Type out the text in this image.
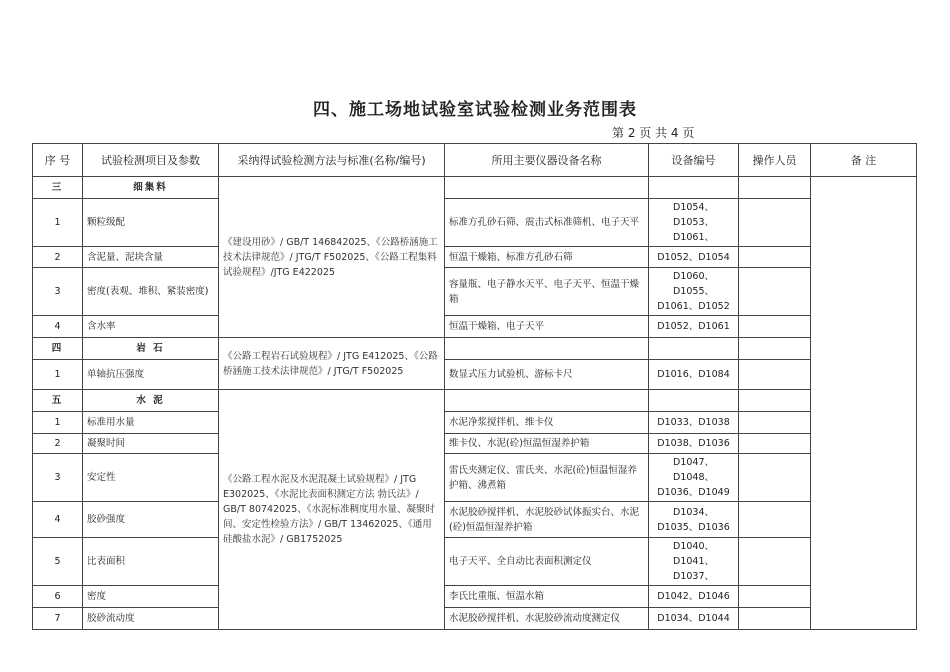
四、施工场地试验室试验检测业务范围表
第 2 页 共 4 页
序 号	试验检测项目及参数	采纳得试验检测方法与标准(名称/编号)	所用主要仪器设备名称	设备编号	操作人员	备 注
三	细集料	《建设用砂》/ GB/T 146842025、《公路桥涵施工技术法律规范》/ JTG/T F502025、《公路工程集料试验规程》/JTG E422025				
1	颗粒级配		标准方孔砂石筛、震击式标准筛机、电子天平	D1054、D1053、D1061、		
2	含泥量、泥块含量		恒温干燥箱、标准方孔砂石筛	D1052、D1054		
3	密度(表观、堆积、紧装密度)		容量瓶、电子静水天平、电子天平、恒温干燥箱	D1060、D1055、D1061、D1052		
4	含水率		恒温干燥箱、电子天平	D1052、D1061		
四	岩 石	《公路工程岩石试验规程》/ JTG E412025、《公路桥涵施工技术法律规范》/ JTG/T F502025				
1	单轴抗压强度		数显式压力试验机、游标卡尺	D1016、D1084		
五	水 泥	《公路工程水泥及水泥混凝土试验规程》/ JTG E302025、《水泥比表面积测定方法 勃氏法》/ GB/T 80742025、《水泥标准稠度用水量、凝聚时间、安定性检验方法》/ GB/T 13462025、《通用硅酸盐水泥》/ GB1752025				
1	标准用水量		水泥净浆搅拌机、维卡仪	D1033、D1038		
2	凝聚时间		维卡仪、水泥(砼)恒温恒湿养护箱	D1038、D1036		
3	安定性		雷氏夹测定仪、雷氏夹、水泥(砼)恒温恒湿养护箱、沸煮箱	D1047、D1048、D1036、D1049		
4	胶砂强度		水泥胶砂搅拌机、水泥胶砂试体振实台、水泥(砼)恒温恒湿养护箱	D1034、D1035、D1036		
5	比表面积		电子天平、全自动比表面积测定仪	D1040、D1041、D1037、		
6	密度		李氏比重瓶、恒温水箱	D1042、D1046		
7	胶砂流动度		水泥胶砂搅拌机、水泥胶砂流动度测定仪	D1034、D1044		
